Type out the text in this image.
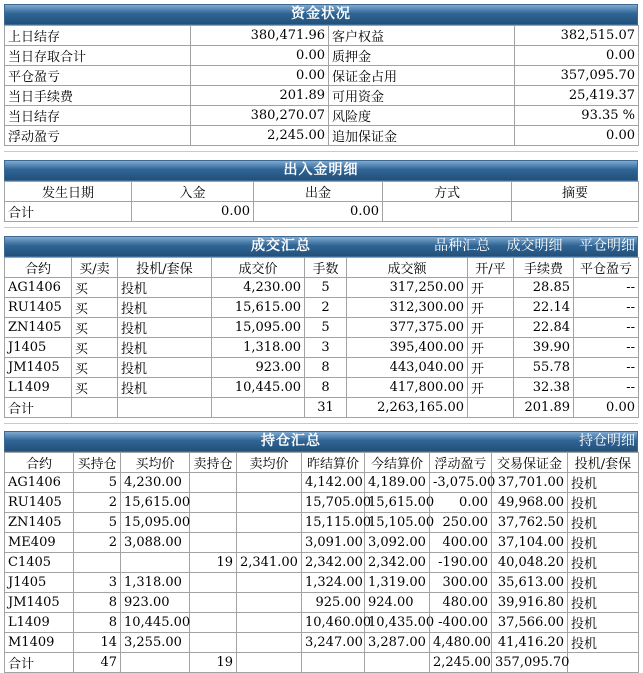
资金状况
上日结存	380,471.96	客户权益	382,515.07
当日存取合计	0.00	质押金	0.00
平仓盈亏	0.00	保证金占用	357,095.70
当日手续费	201.89	可用资金	25,419.37
当日结存	380,270.07	风险度	93.35 %
浮动盈亏	2,245.00	追加保证金	0.00
出入金明细
发生日期	入金	出金	方式	摘要
合计	0.00	0.00		
成交汇总	品种汇总 成交明细 平仓明细
合约	买/卖	投机/套保	成交价	手数	成交额	开/平	手续费	平仓盈亏
AG1406	买	投机	4,230.00	5	317,250.00	开	28.85	--
RU1405	买	投机	15,615.00	2	312,300.00	开	22.14	--
ZN1405	买	投机	15,095.00	5	377,375.00	开	22.84	--
J1405	买	投机	1,318.00	3	395,400.00	开	39.90	--
JM1405	买	投机	923.00	8	443,040.00	开	55.78	--
L1409	买	投机	10,445.00	8	417,800.00	开	32.38	--
合计				31	2,263,165.00		201.89	0.00
持仓汇总	持仓明细
合约	买持仓	买均价	卖持仓	卖均价	昨结算价	今结算价	浮动盈亏	交易保证金	投机/套保
AG1406	5	4,230.00			4,142.00	4,189.00	-3,075.00	37,701.00	投机
RU1405	2	15,615.00			15,705.00	15,615.00	0.00	49,968.00	投机
ZN1405	5	15,095.00			15,115.00	15,105.00	250.00	37,762.50	投机
ME409	2	3,088.00			3,091.00	3,092.00	400.00	37,104.00	投机
C1405			19	2,341.00	2,342.00	2,342.00	-190.00	40,048.20	投机
J1405	3	1,318.00			1,324.00	1,319.00	300.00	35,613.00	投机
JM1405	8	923.00			925.00	924.00	480.00	39,916.80	投机
L1409	8	10,445.00			10,460.00	10,435.00	-400.00	37,566.00	投机
M1409	14	3,255.00			3,247.00	3,287.00	4,480.00	41,416.20	投机
合计	47		19				2,245.00	357,095.70	
